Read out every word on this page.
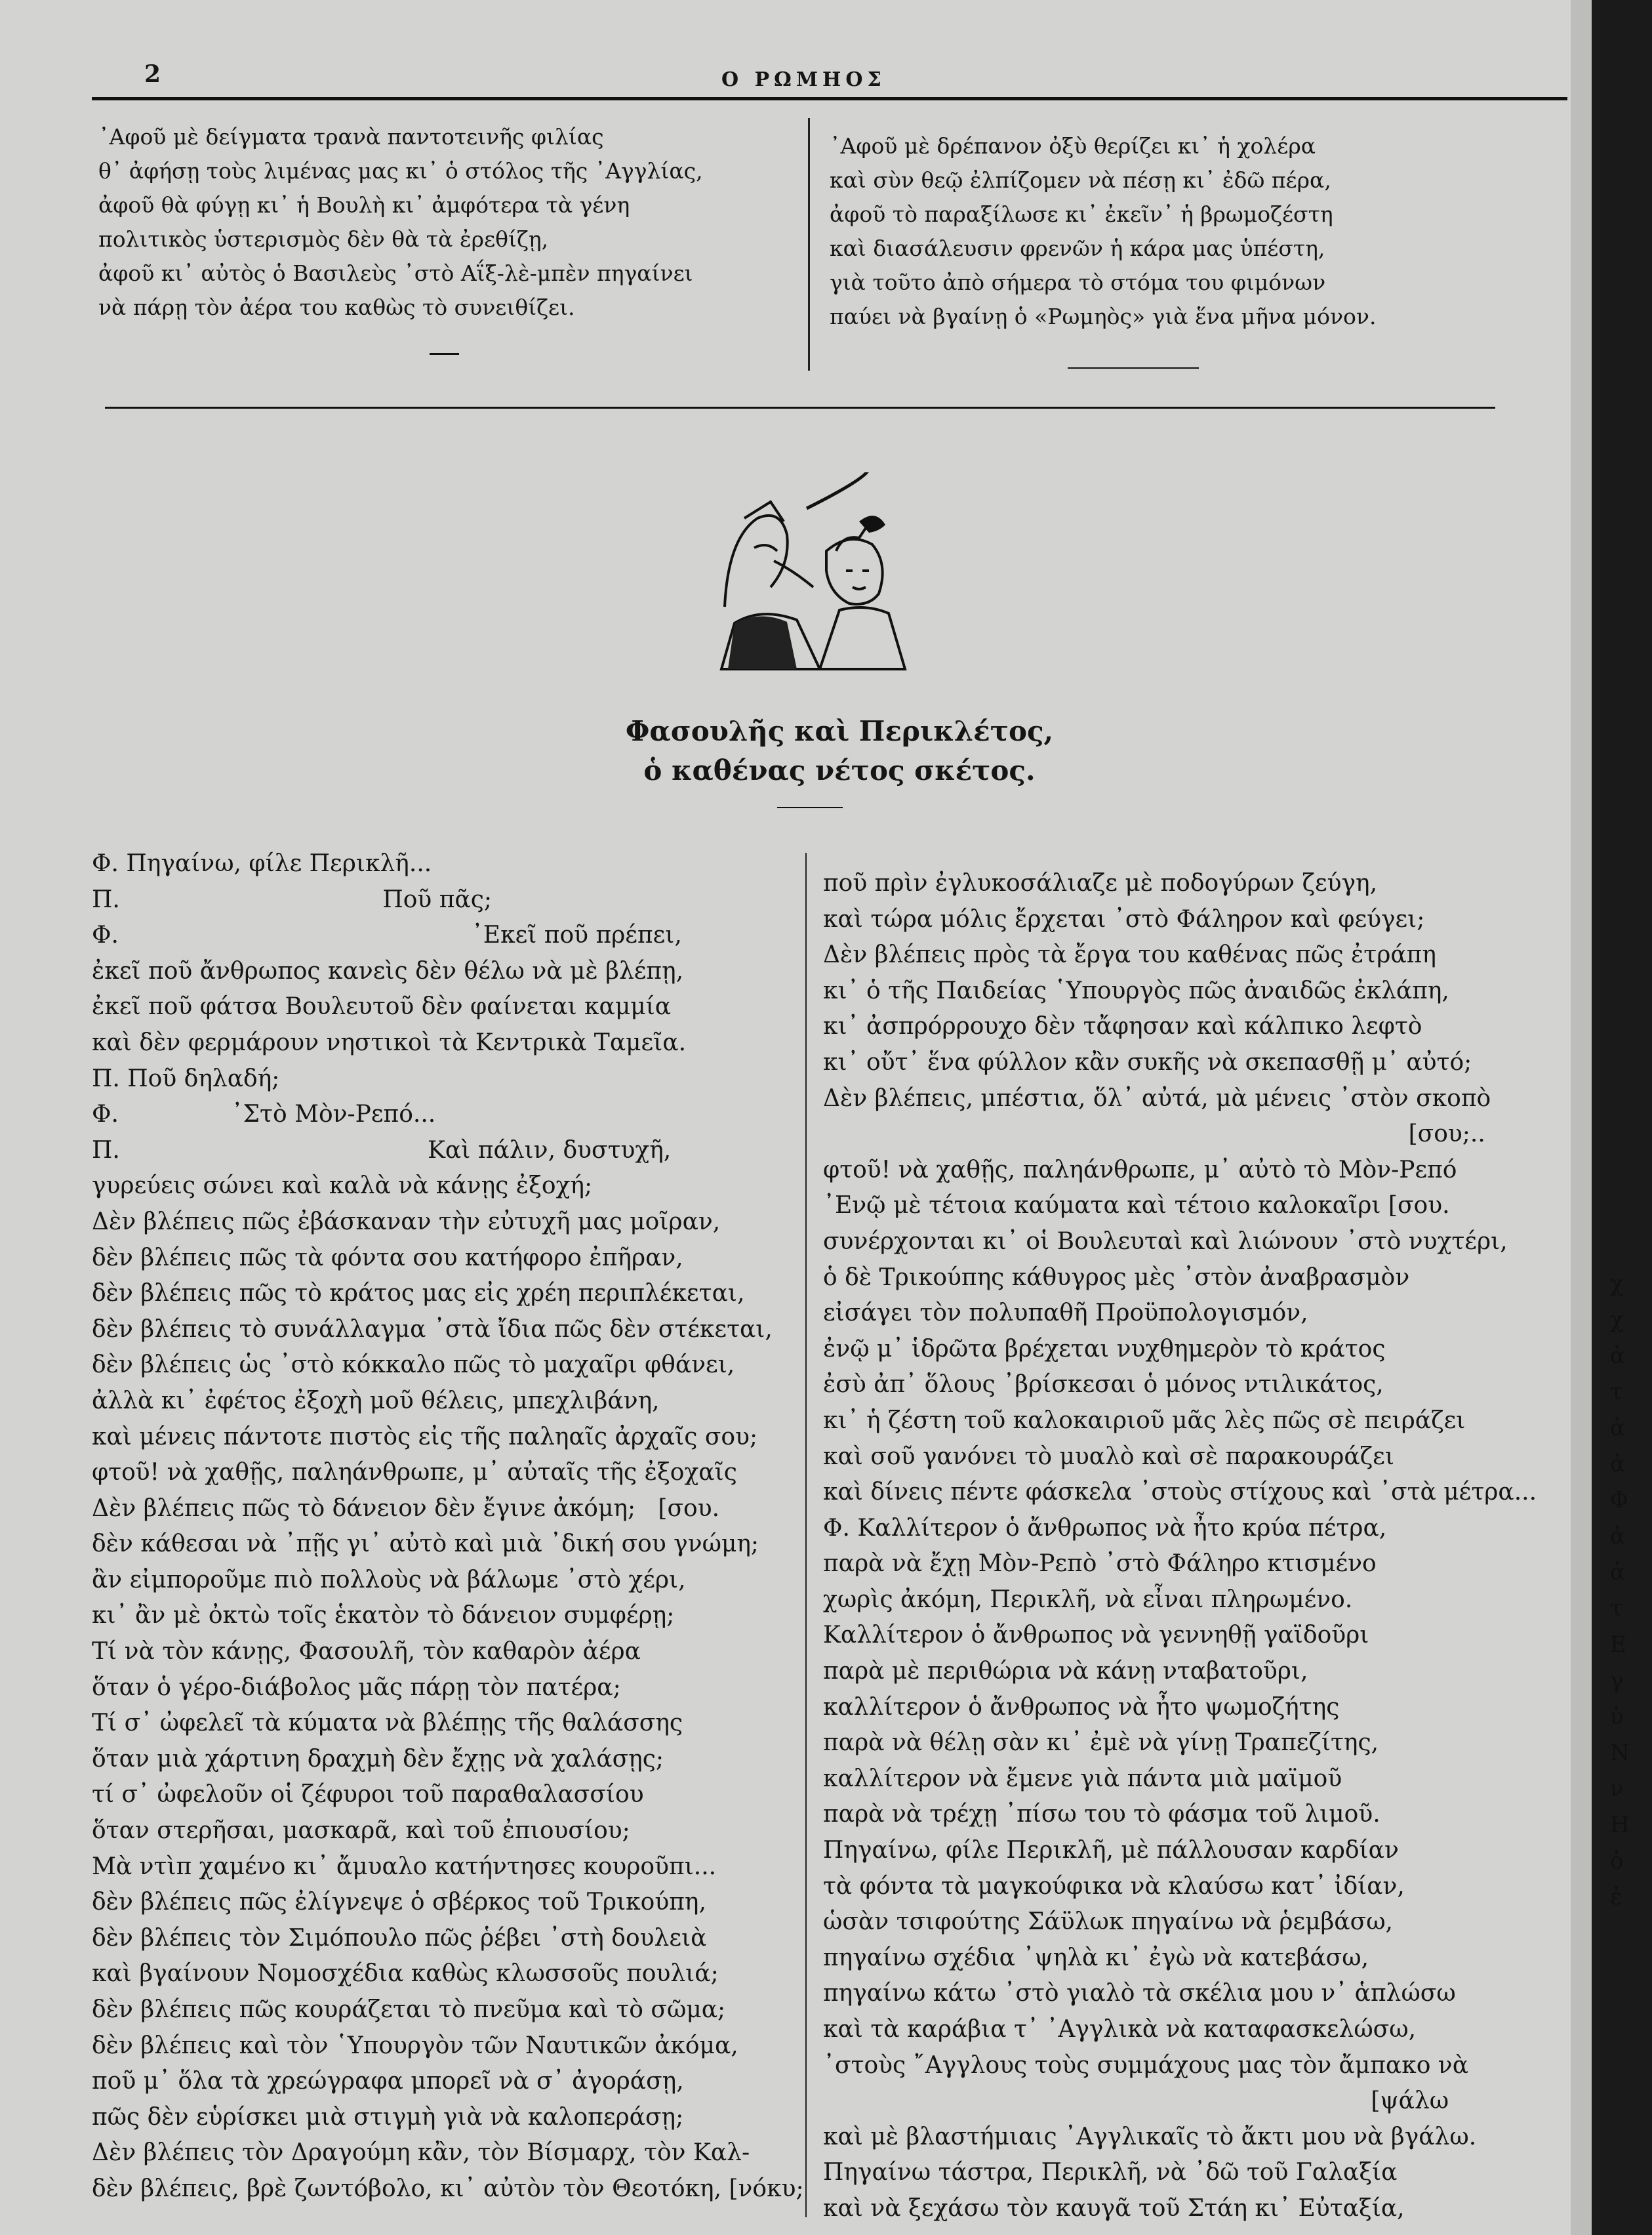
χ
χ
ἀ
τ
ἀ
ἀ
Φ
ἀ
ἀ
τ
Ε
γ
ὑ
Ν
ν
Η
ὁ
ἐ
2	Ο ΡΩΜΗΟΣ
᾿Αφοῦ μὲ δείγματα τρανὰ παντοτεινῆς φιλίας
θ᾿ ἀφήσῃ τοὺς λιμένας μας κι᾿ ὁ στόλος τῆς ᾿Αγγλίας,
ἀφοῦ θὰ φύγῃ κι᾿ ἡ Βουλὴ κι᾿ ἀμφότερα τὰ γένη
πολιτικὸς ὑστερισμὸς δὲν θὰ τὰ ἐρεθίζῃ,
ἀφοῦ κι᾿ αὐτὸς ὁ Βασιλεὺς ᾽στὸ Αΐξ-λὲ-μπὲν πηγαίνει
νὰ πάρῃ τὸν ἀέρα του καθὼς τὸ συνειθίζει.
᾿Αφοῦ μὲ δρέπανον ὀξὺ θερίζει κι᾿ ἡ χολέρα
καὶ σὺν θεῷ ἐλπίζομεν νὰ πέσῃ κι᾿ ἐδῶ πέρα,
ἀφοῦ τὸ παραξίλωσε κι᾿ ἐκεῖν᾿ ἡ βρωμοζέστη
καὶ διασάλευσιν φρενῶν ἡ κάρα μας ὑπέστη,
γιὰ τοῦτο ἀπὸ σήμερα τὸ στόμα του φιμόνων
παύει νὰ βγαίνῃ ὁ «Ρωμηὸς» γιὰ ἕνα μῆνα μόνον.
Φασουλῆς καὶ Περικλέτος,
ὁ καθένας νέτος σκέτος.
Φ. Πηγαίνω, φίλε Περικλῆ...
Π.                                   Ποῦ πᾶς;
Φ.                                               ᾽Εκεῖ ποῦ πρέπει,
ἐκεῖ ποῦ ἄνθρωπος κανεὶς δὲν θέλω νὰ μὲ βλέπῃ,
ἐκεῖ ποῦ φάτσα Βουλευτοῦ δὲν φαίνεται καμμία
καὶ δὲν φερμάρουν νηστικοὶ τὰ Κεντρικὰ Ταμεῖα.
Π. Ποῦ δηλαδή;
Φ.               ᾽Στὸ Μὸν-Ρεπό...
Π.                                         Καὶ πάλιν, δυστυχῆ,
γυρεύεις σώνει καὶ καλὰ νὰ κάνῃς ἐξοχή;
Δὲν βλέπεις πῶς ἐβάσκαναν τὴν εὐτυχῆ μας μοῖραν,
δὲν βλέπεις πῶς τὰ φόντα σου κατήφορο ἐπῆραν,
δὲν βλέπεις πῶς τὸ κράτος μας εἰς χρέη περιπλέκεται,
δὲν βλέπεις τὸ συνάλλαγμα ᾽στὰ ἴδια πῶς δὲν στέκεται,
δὲν βλέπεις ὡς ᾽στὸ κόκκαλο πῶς τὸ μαχαῖρι φθάνει,
ἀλλὰ κι᾿ ἐφέτος ἐξοχὴ μοῦ θέλεις, μπεχλιβάνη,
καὶ μένεις πάντοτε πιστὸς εἰς τῆς παληαῖς ἀρχαῖς σου;
φτοῦ! νὰ χαθῇς, παληάνθρωπε, μ᾿ αὐταῖς τῆς ἐξοχαῖς
Δὲν βλέπεις πῶς τὸ δάνειον δὲν ἔγινε ἀκόμη;   [σου.
δὲν κάθεσαι νὰ ᾽πῇς γι᾿ αὐτὸ καὶ μιὰ ᾽δική σου γνώμη;
ἂν εἰμποροῦμε πιὸ πολλοὺς νὰ βάλωμε ᾽στὸ χέρι,
κι᾿ ἂν μὲ ὀκτὼ τοῖς ἑκατὸν τὸ δάνειον συμφέρῃ;
Τί νὰ τὸν κάνῃς, Φασουλῆ, τὸν καθαρὸν ἀέρα
ὅταν ὁ γέρο-διάβολος μᾶς πάρῃ τὸν πατέρα;
Τί σ᾿ ὠφελεῖ τὰ κύματα νὰ βλέπῃς τῆς θαλάσσης
ὅταν μιὰ χάρτινη δραχμὴ δὲν ἔχῃς νὰ χαλάσῃς;
τί σ᾿ ὠφελοῦν οἱ ζέφυροι τοῦ παραθαλασσίου
ὅταν στερῆσαι, μασκαρᾶ, καὶ τοῦ ἐπιουσίου;
Μὰ ντὶπ χαμένο κι᾿ ἄμυαλο κατήντησες κουροῦπι...
δὲν βλέπεις πῶς ἐλίγνεψε ὁ σβέρκος τοῦ Τρικούπη,
δὲν βλέπεις τὸν Σιμόπουλο πῶς ῥέβει ᾽στὴ δουλειὰ
καὶ βγαίνουν Νομοσχέδια καθὼς κλωσσοῦς πουλιά;
δὲν βλέπεις πῶς κουράζεται τὸ πνεῦμα καὶ τὸ σῶμα;
δὲν βλέπεις καὶ τὸν ῾Υπουργὸν τῶν Ναυτικῶν ἀκόμα,
ποῦ μ᾿ ὅλα τὰ χρεώγραφα μπορεῖ νὰ σ᾿ ἀγοράσῃ,
πῶς δὲν εὑρίσκει μιὰ στιγμὴ γιὰ νὰ καλοπεράσῃ;
Δὲν βλέπεις τὸν Δραγούμη κἂν, τὸν Βίσμαρχ, τὸν Καλ-
δὲν βλέπεις, βρὲ ζωντόβολο, κι᾿ αὐτὸν τὸν Θεοτόκη, [νόκυ;
ποῦ πρὶν ἐγλυκοσάλιαζε μὲ ποδογύρων ζεύγη,
καὶ τώρα μόλις ἔρχεται ᾽στὸ Φάληρον καὶ φεύγει;
Δὲν βλέπεις πρὸς τὰ ἔργα του καθένας πῶς ἐτράπη
κι᾿ ὁ τῆς Παιδείας ῾Υπουργὸς πῶς ἀναιδῶς ἐκλάπη,
κι᾿ ἀσπρόρρουχο δὲν τἄφησαν καὶ κάλπικο λεφτὸ
κι᾿ οὔτ᾿ ἕνα φύλλον κἂν συκῆς νὰ σκεπασθῇ μ᾿ αὐτό;
Δὲν βλέπεις, μπέστια, ὅλ᾿ αὐτά, μὰ μένεις ᾽στὸν σκοπὸ
[σου;..
φτοῦ! νὰ χαθῇς, παληάνθρωπε, μ᾿ αὐτὸ τὸ Μὸν-Ρεπό
᾿Ενῷ μὲ τέτοια καύματα καὶ τέτοιο καλοκαῖρι [σου.
συνέρχονται κι᾿ οἱ Βουλευταὶ καὶ λιώνουν ᾽στὸ νυχτέρι,
ὁ δὲ Τρικούπης κάθυγρος μὲς ᾽στὸν ἀναβρασμὸν
εἰσάγει τὸν πολυπαθῆ Προϋπολογισμόν,
ἐνῷ μ᾿ ἱδρῶτα βρέχεται νυχθημερὸν τὸ κράτος
ἐσὺ ἀπ᾿ ὅλους ᾽βρίσκεσαι ὁ μόνος ντιλικάτος,
κι᾿ ἡ ζέστη τοῦ καλοκαιριοῦ μᾶς λὲς πῶς σὲ πειράζει
καὶ σοῦ γανόνει τὸ μυαλὸ καὶ σὲ παρακουράζει
καὶ δίνεις πέντε φάσκελα ᾽στοὺς στίχους καὶ ᾽στὰ μέτρα...
Φ. Καλλίτερον ὁ ἄνθρωπος νὰ ἦτο κρύα πέτρα,
παρὰ νὰ ἔχῃ Μὸν-Ρεπὸ ᾽στὸ Φάληρο κτισμένο
χωρὶς ἀκόμη, Περικλῆ, νὰ εἶναι πληρωμένο.
Καλλίτερον ὁ ἄνθρωπος νὰ γεννηθῇ γαϊδοῦρι
παρὰ μὲ περιθώρια νὰ κάνῃ νταβατοῦρι,
καλλίτερον ὁ ἄνθρωπος νὰ ἦτο ψωμοζήτης
παρὰ νὰ θέλῃ σὰν κι᾿ ἐμὲ νὰ γίνῃ Τραπεζίτης,
καλλίτερον νὰ ἔμενε γιὰ πάντα μιὰ μαϊμοῦ
παρὰ νὰ τρέχῃ ᾽πίσω του τὸ φάσμα τοῦ λιμοῦ.
Πηγαίνω, φίλε Περικλῆ, μὲ πάλλουσαν καρδίαν
τὰ φόντα τὰ μαγκούφικα νὰ κλαύσω κατ᾿ ἰδίαν,
ὡσὰν τσιφούτης Σάϋλωκ πηγαίνω νὰ ῥεμβάσω,
πηγαίνω σχέδια ᾽ψηλὰ κι᾿ ἐγὼ νὰ κατεβάσω,
πηγαίνω κάτω ᾽στὸ γιαλὸ τὰ σκέλια μου ν᾿ ἁπλώσω
καὶ τὰ καράβια τ᾿ ᾿Αγγλικὰ νὰ καταφασκελώσω,
᾽στοὺς ῎Αγγλους τοὺς συμμάχους μας τὸν ἄμπακο νὰ
[ψάλω
καὶ μὲ βλαστήμιαις ᾿Αγγλικαῖς τὸ ἄκτι μου νὰ βγάλω.
Πηγαίνω τάστρα, Περικλῆ, νὰ ᾽δῶ τοῦ Γαλαξία
καὶ νὰ ξεχάσω τὸν καυγᾶ τοῦ Στάη κι᾿ Εὐταξία,
